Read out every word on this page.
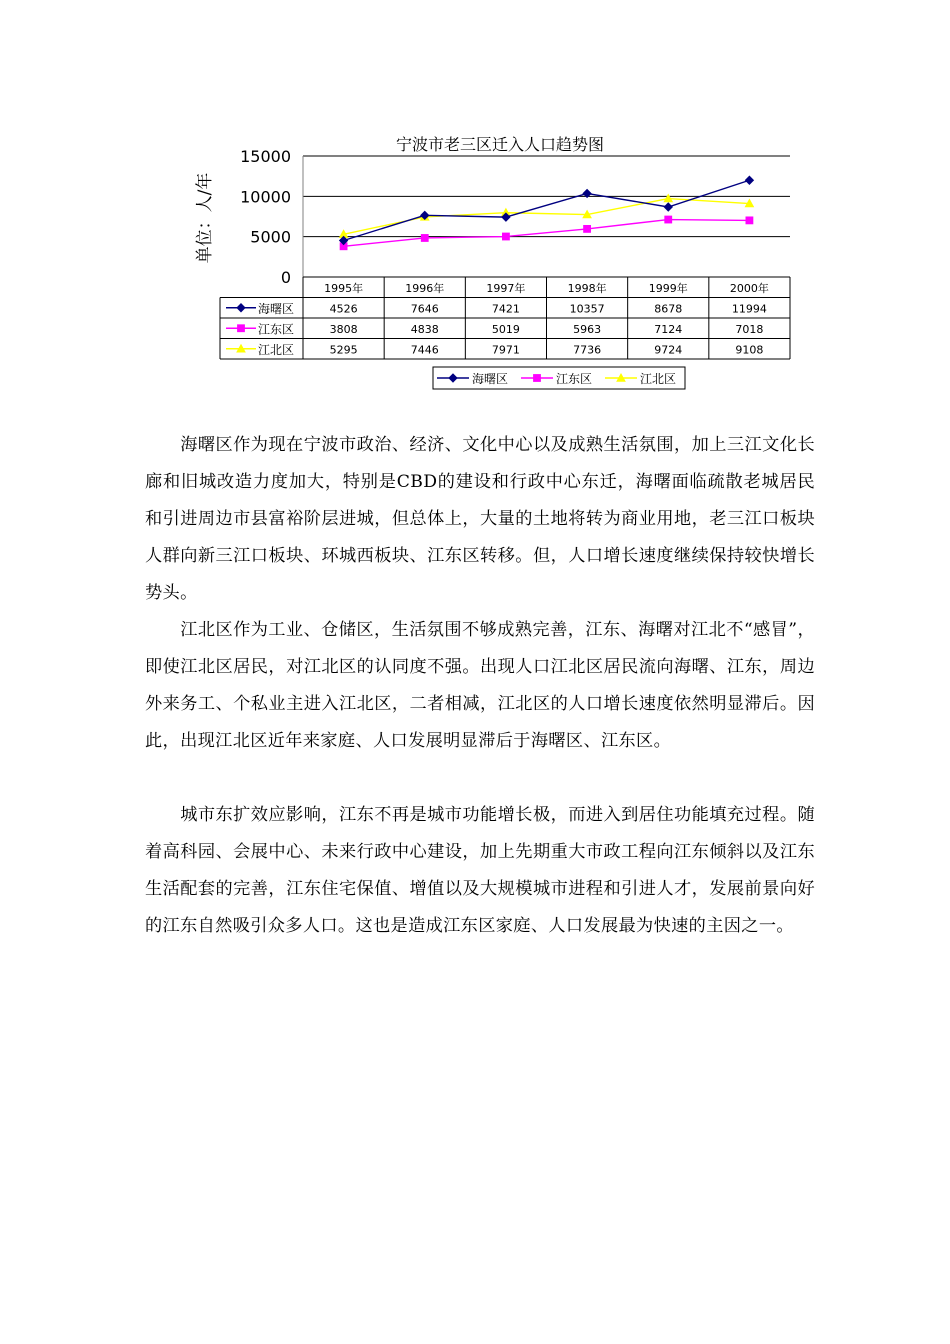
宁波市老三区迁入人口趋势图
单位：人/年
15000
10000
5000
0
1995年	1996年	1997年	1998年	1999年	2000年
海曙区	4526	7646	7421	10357	8678	11994
江东区	3808	4838	5019	5963	7124	7018
江北区	5295	7446	7971	7736	9724	9108
海曙区	江东区	江北区

海曙区作为现在宁波市政治、经济、文化中心以及成熟生活氛围，加上三江文化长廊和旧城改造力度加大，特别是CBD的建设和行政中心东迁，海曙面临疏散老城居民和引进周边市县富裕阶层进城，但总体上，大量的土地将转为商业用地，老三江口板块人群向新三江口板块、环城西板块、江东区转移。但，人口增长速度继续保持较快增长势头。

江北区作为工业、仓储区，生活氛围不够成熟完善，江东、海曙对江北不“感冒”，即使江北区居民，对江北区的认同度不强。出现人口江北区居民流向海曙、江东，周边外来务工、个私业主进入江北区，二者相减，江北区的人口增长速度依然明显滞后。因此，出现江北区近年来家庭、人口发展明显滞后于海曙区、江东区。

城市东扩效应影响，江东不再是城市功能增长极，而进入到居住功能填充过程。随着高科园、会展中心、未来行政中心建设，加上先期重大市政工程向江东倾斜以及江东生活配套的完善，江东住宅保值、增值以及大规模城市进程和引进人才，发展前景向好的江东自然吸引众多人口。这也是造成江东区家庭、人口发展最为快速的主因之一。
